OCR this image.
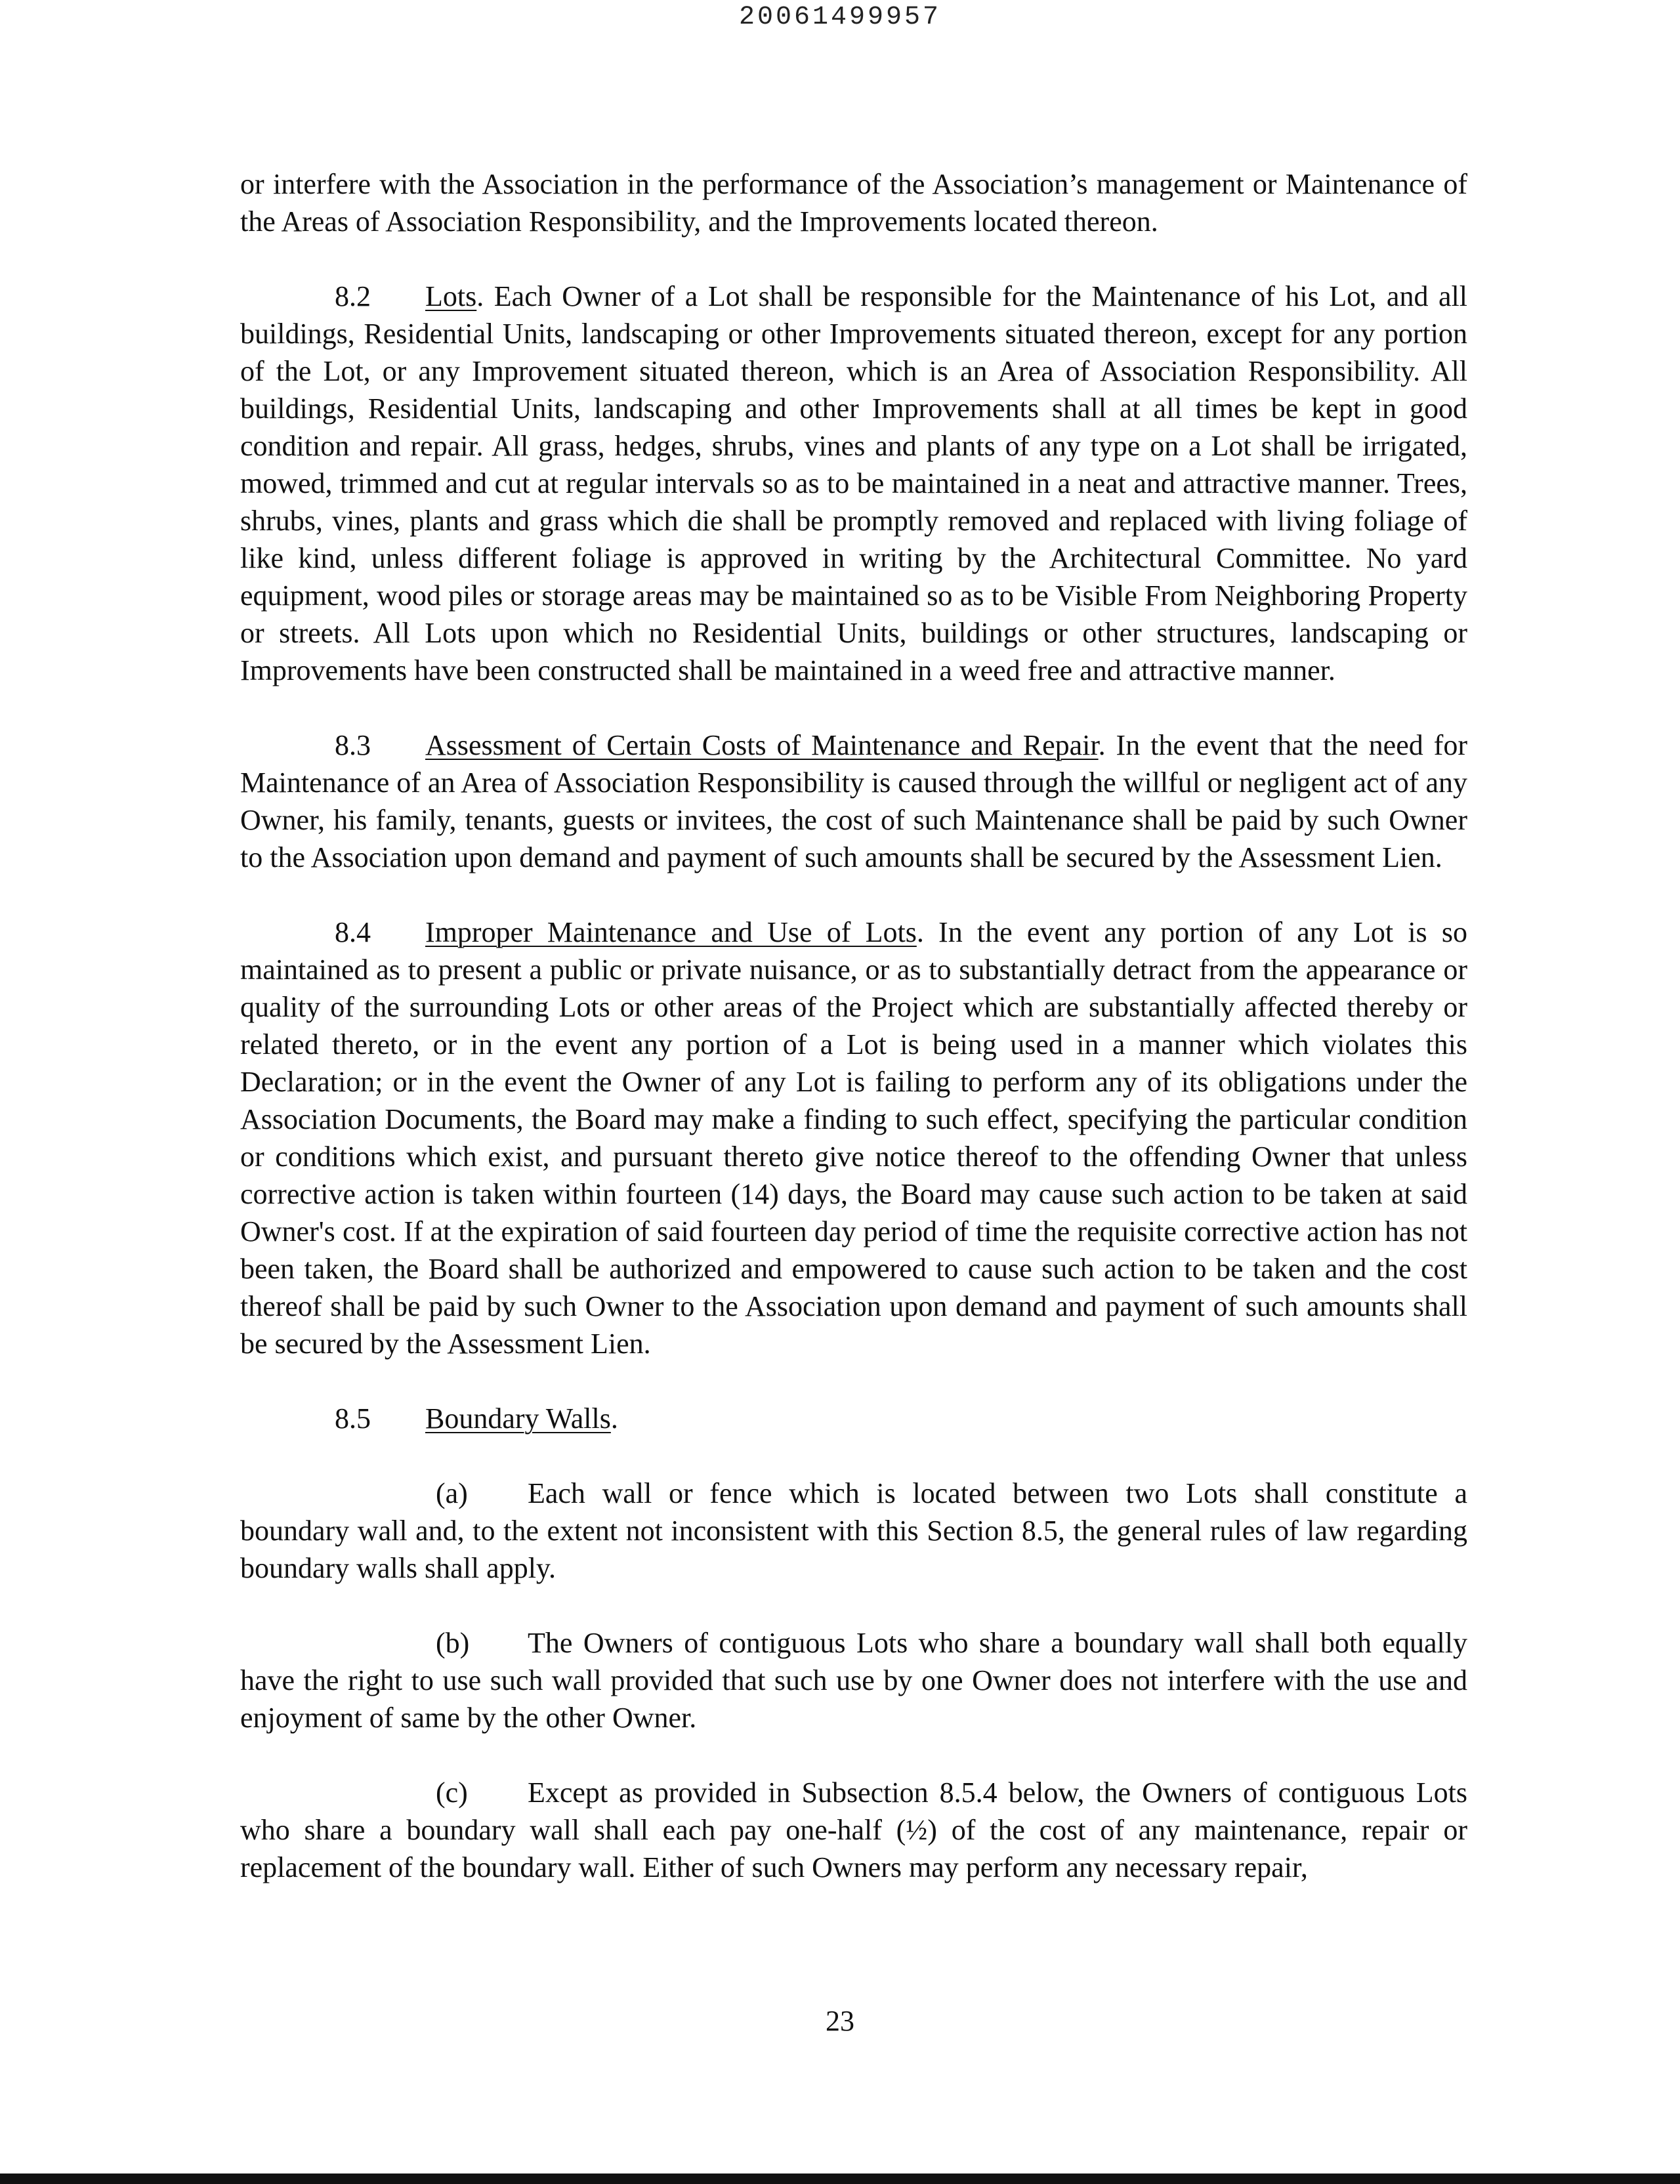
20061499957

or interfere with the Association in the performance of the Association’s management or Maintenance of the Areas of Association Responsibility, and the Improvements located thereon.

8.2 Lots. Each Owner of a Lot shall be responsible for the Maintenance of his Lot, and all buildings, Residential Units, landscaping or other Improvements situated thereon, except for any portion of the Lot, or any Improvement situated thereon, which is an Area of Association Responsibility. All buildings, Residential Units, landscaping and other Improvements shall at all times be kept in good condition and repair. All grass, hedges, shrubs, vines and plants of any type on a Lot shall be irrigated, mowed, trimmed and cut at regular intervals so as to be maintained in a neat and attractive manner. Trees, shrubs, vines, plants and grass which die shall be promptly removed and replaced with living foliage of like kind, unless different foliage is approved in writing by the Architectural Committee. No yard equipment, wood piles or storage areas may be maintained so as to be Visible From Neighboring Property or streets. All Lots upon which no Residential Units, buildings or other structures, landscaping or Improvements have been constructed shall be maintained in a weed free and attractive manner.

8.3 Assessment of Certain Costs of Maintenance and Repair. In the event that the need for Maintenance of an Area of Association Responsibility is caused through the willful or negligent act of any Owner, his family, tenants, guests or invitees, the cost of such Maintenance shall be paid by such Owner to the Association upon demand and payment of such amounts shall be secured by the Assessment Lien.

8.4 Improper Maintenance and Use of Lots. In the event any portion of any Lot is so maintained as to present a public or private nuisance, or as to substantially detract from the appearance or quality of the surrounding Lots or other areas of the Project which are substantially affected thereby or related thereto, or in the event any portion of a Lot is being used in a manner which violates this Declaration; or in the event the Owner of any Lot is failing to perform any of its obligations under the Association Documents, the Board may make a finding to such effect, specifying the particular condition or conditions which exist, and pursuant thereto give notice thereof to the offending Owner that unless corrective action is taken within fourteen (14) days, the Board may cause such action to be taken at said Owner's cost. If at the expiration of said fourteen day period of time the requisite corrective action has not been taken, the Board shall be authorized and empowered to cause such action to be taken and the cost thereof shall be paid by such Owner to the Association upon demand and payment of such amounts shall be secured by the Assessment Lien.

8.5 Boundary Walls.

(a) Each wall or fence which is located between two Lots shall constitute a boundary wall and, to the extent not inconsistent with this Section 8.5, the general rules of law regarding boundary walls shall apply.

(b) The Owners of contiguous Lots who share a boundary wall shall both equally have the right to use such wall provided that such use by one Owner does not interfere with the use and enjoyment of same by the other Owner.

(c) Except as provided in Subsection 8.5.4 below, the Owners of contiguous Lots who share a boundary wall shall each pay one-half (½) of the cost of any maintenance, repair or replacement of the boundary wall. Either of such Owners may perform any necessary repair,

23
